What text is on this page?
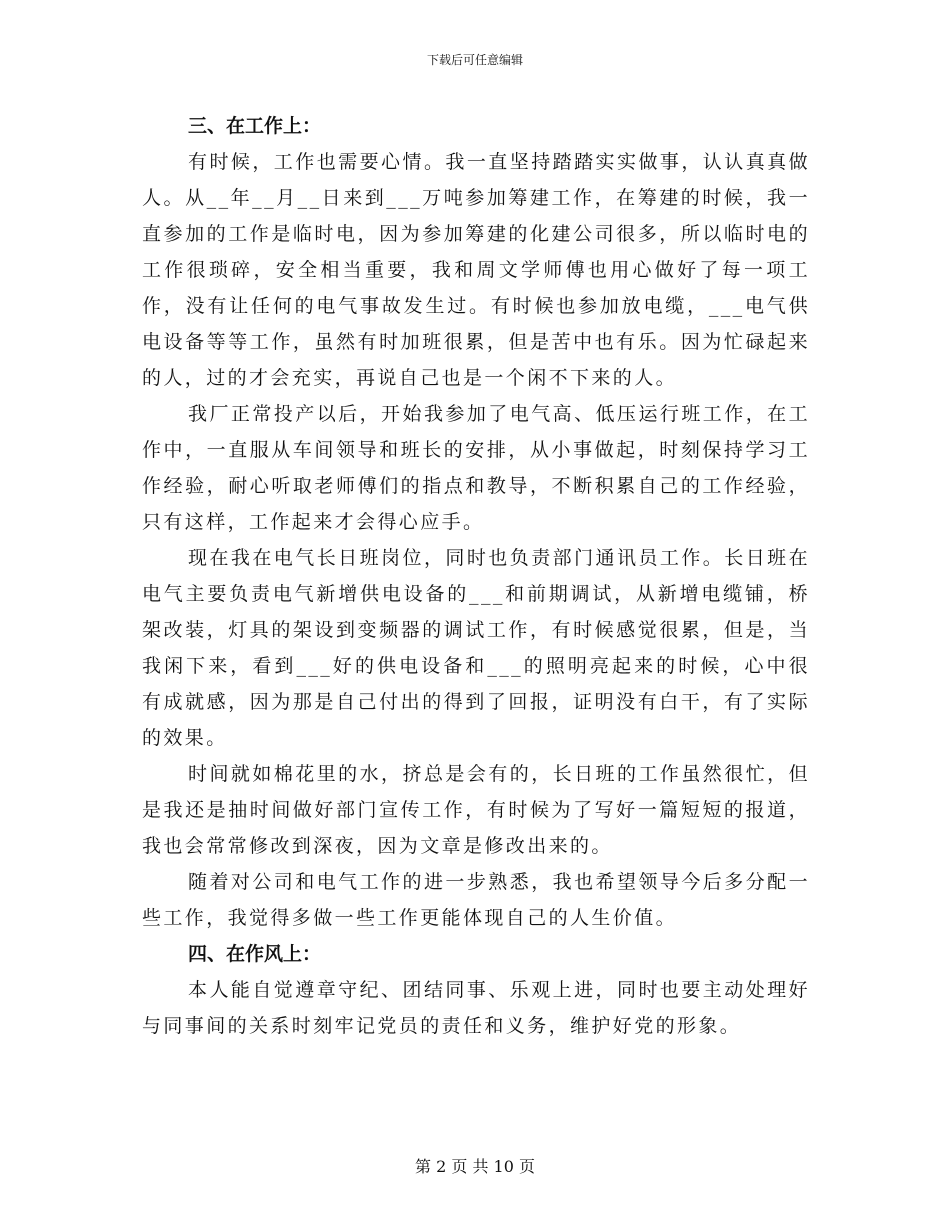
下载后可任意编辑
三、在工作上：

有时候，工作也需要心情。我一直坚持踏踏实实做事，认认真真做人。从__年__月__日来到___万吨参加筹建工作，在筹建的时候，我一直参加的工作是临时电，因为参加筹建的化建公司很多，所以临时电的工作很琐碎，安全相当重要，我和周文学师傅也用心做好了每一项工作，没有让任何的电气事故发生过。有时候也参加放电缆，___电气供电设备等等工作，虽然有时加班很累，但是苦中也有乐。因为忙碌起来的人，过的才会充实，再说自己也是一个闲不下来的人。

我厂正常投产以后，开始我参加了电气高、低压运行班工作，在工作中，一直服从车间领导和班长的安排，从小事做起，时刻保持学习工作经验，耐心听取老师傅们的指点和教导，不断积累自己的工作经验，只有这样，工作起来才会得心应手。

现在我在电气长日班岗位，同时也负责部门通讯员工作。长日班在电气主要负责电气新增供电设备的___和前期调试，从新增电缆铺，桥架改装，灯具的架设到变频器的调试工作，有时候感觉很累，但是，当我闲下来，看到___好的供电设备和___的照明亮起来的时候，心中很有成就感，因为那是自己付出的得到了回报，证明没有白干，有了实际的效果。

时间就如棉花里的水，挤总是会有的，长日班的工作虽然很忙，但是我还是抽时间做好部门宣传工作，有时候为了写好一篇短短的报道，我也会常常修改到深夜，因为文章是修改出来的。

随着对公司和电气工作的进一步熟悉，我也希望领导今后多分配一些工作，我觉得多做一些工作更能体现自己的人生价值。

四、在作风上：

本人能自觉遵章守纪、团结同事、乐观上进，同时也要主动处理好与同事间的关系时刻牢记党员的责任和义务，维护好党的形象。

第 2 页 共 10 页
